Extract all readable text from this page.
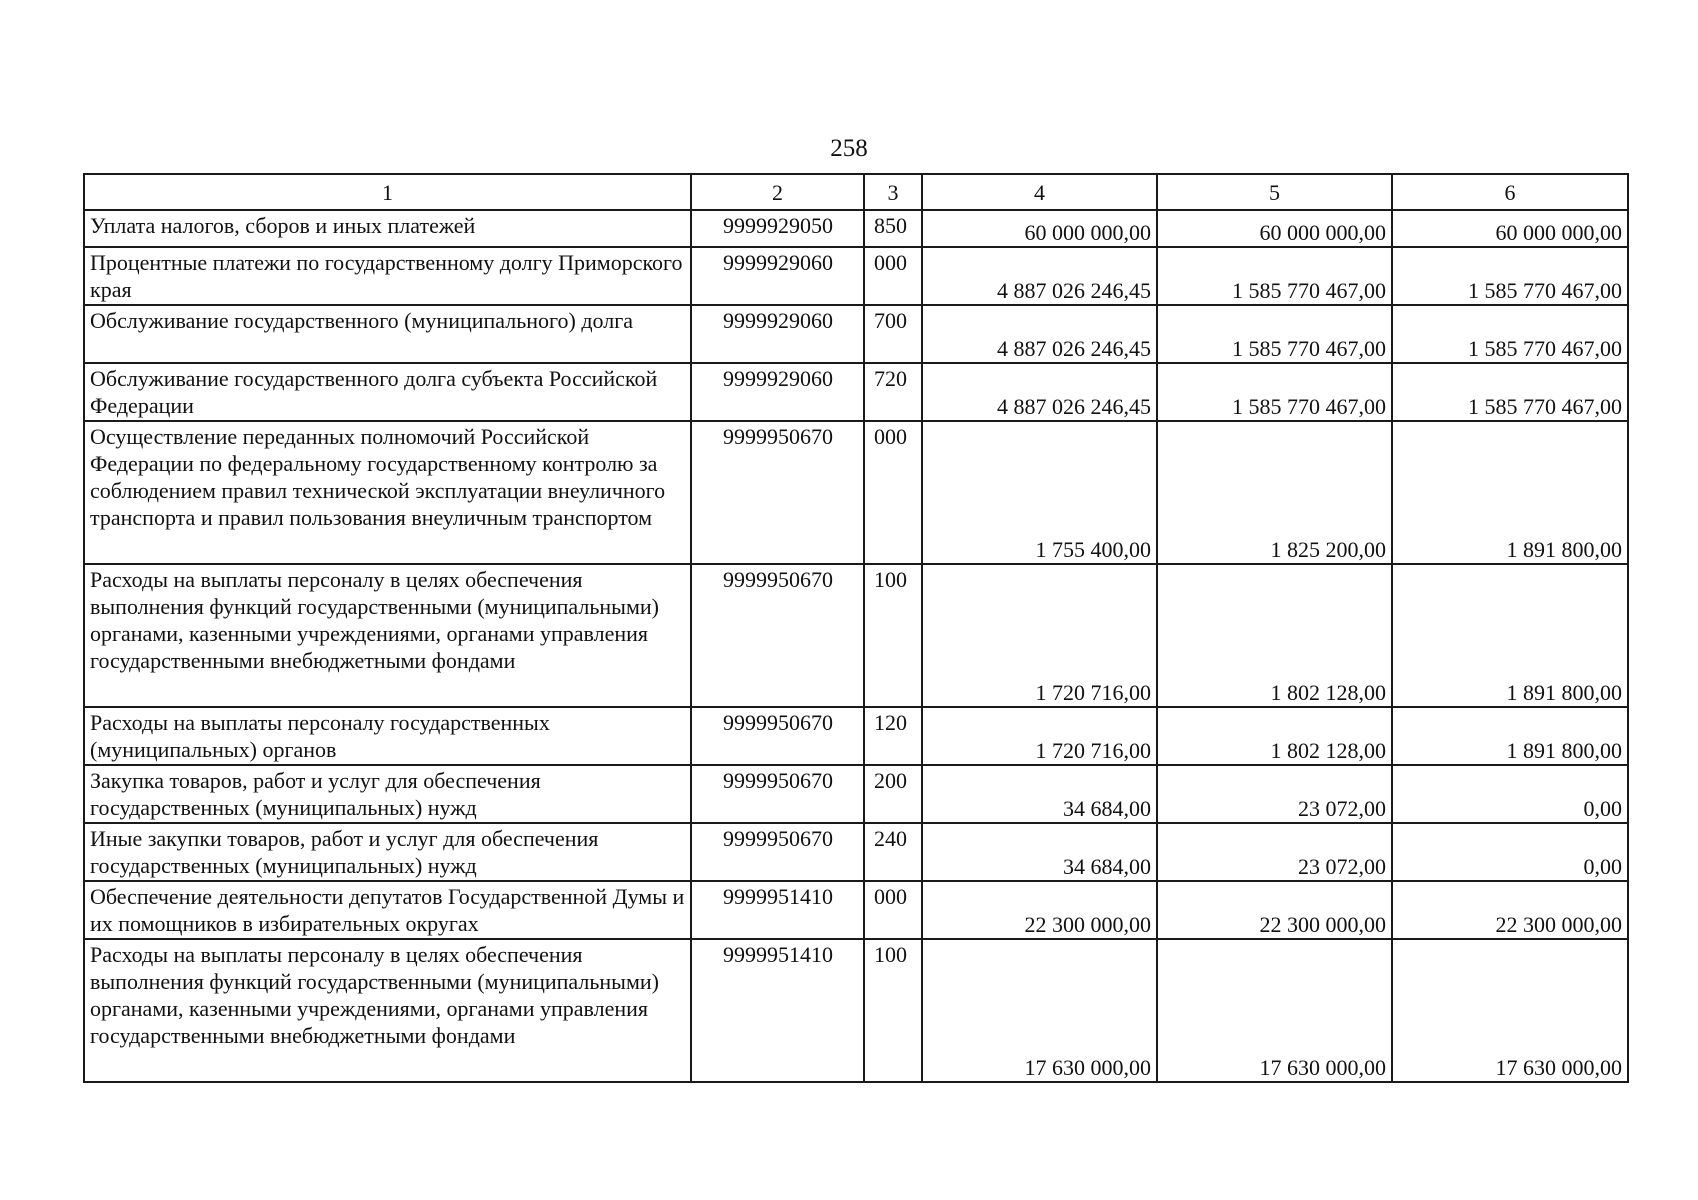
258
1	2	3	4	5	6
Уплата налогов, сборов и иных платежей	9999929050	850	60 000 000,00	60 000 000,00	60 000 000,00
Процентные платежи по государственному долгу Приморского края	9999929060	000	4 887 026 246,45	1 585 770 467,00	1 585 770 467,00
Обслуживание государственного (муниципального) долга	9999929060	700	4 887 026 246,45	1 585 770 467,00	1 585 770 467,00
Обслуживание государственного долга субъекта Российской Федерации	9999929060	720	4 887 026 246,45	1 585 770 467,00	1 585 770 467,00
Осуществление переданных полномочий Российской Федерации по федеральному государственному контролю за соблюдением правил технической эксплуатации внеуличного транспорта и правил пользования внеуличным транспортом	9999950670	000	1 755 400,00	1 825 200,00	1 891 800,00
Расходы на выплаты персоналу в целях обеспечения выполнения функций государственными (муниципальными) органами, казенными учреждениями, органами управления государственными внебюджетными фондами	9999950670	100	1 720 716,00	1 802 128,00	1 891 800,00
Расходы на выплаты персоналу государственных (муниципальных) органов	9999950670	120	1 720 716,00	1 802 128,00	1 891 800,00
Закупка товаров, работ и услуг для обеспечения государственных (муниципальных) нужд	9999950670	200	34 684,00	23 072,00	0,00
Иные закупки товаров, работ и услуг для обеспечения государственных (муниципальных) нужд	9999950670	240	34 684,00	23 072,00	0,00
Обеспечение деятельности депутатов Государственной Думы и их помощников в избирательных округах	9999951410	000	22 300 000,00	22 300 000,00	22 300 000,00
Расходы на выплаты персоналу в целях обеспечения выполнения функций государственными (муниципальными) органами, казенными учреждениями, органами управления государственными внебюджетными фондами	9999951410	100	17 630 000,00	17 630 000,00	17 630 000,00
